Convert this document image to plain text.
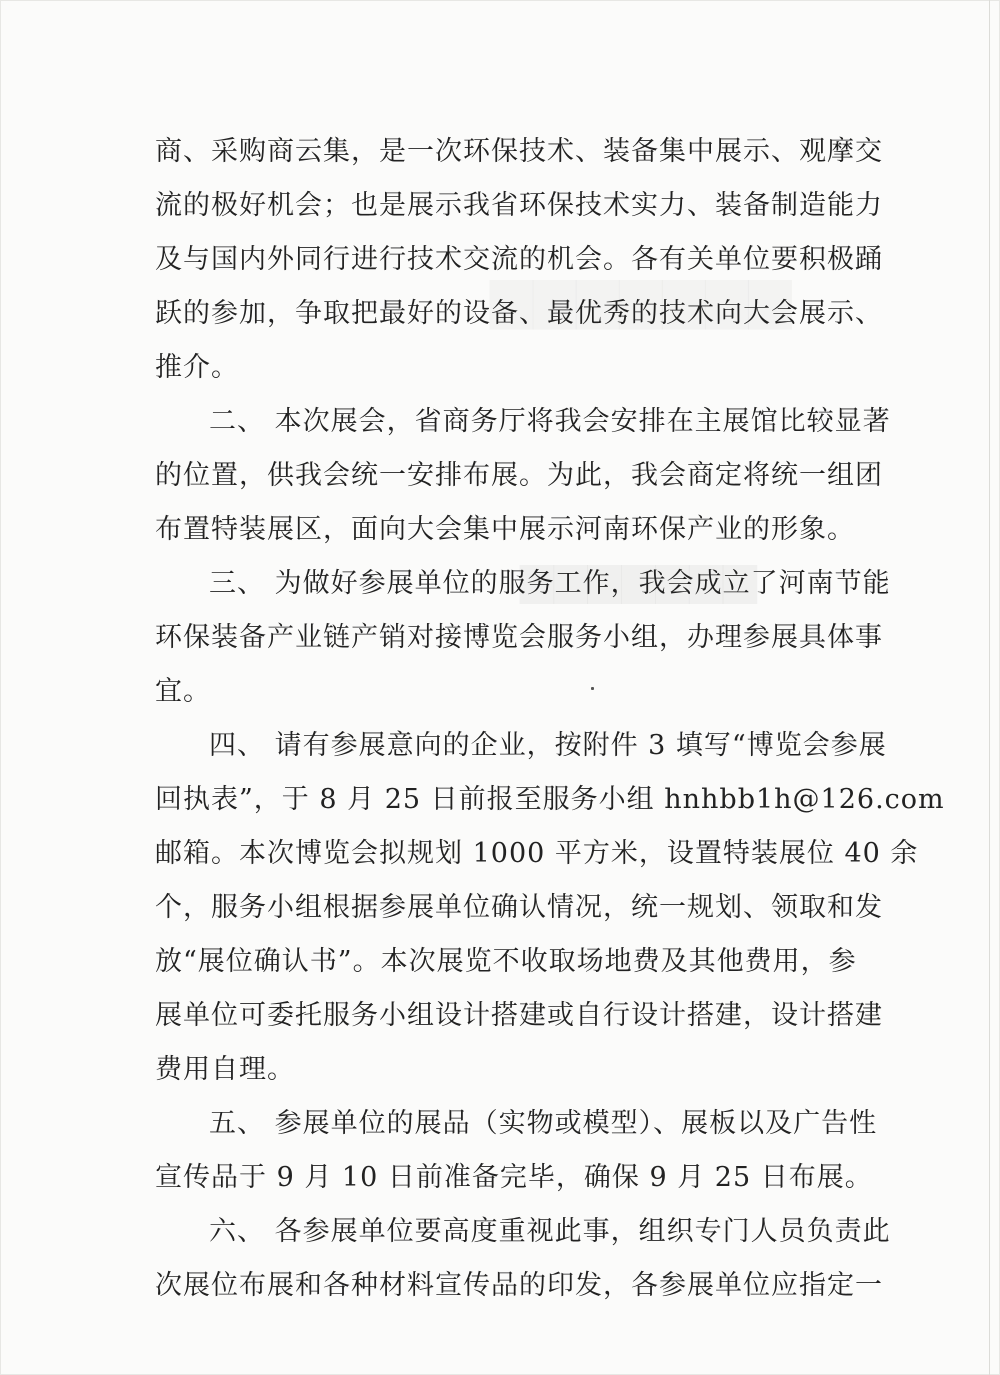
商、采购商云集，是一次环保技术、装备集中展示、观摩交
流的极好机会；也是展示我省环保技术实力、装备制造能力
及与国内外同行进行技术交流的机会。各有关单位要积极踊
跃的参加，争取把最好的设备、最优秀的技术向大会展示、
推介。
二、 本次展会，省商务厅将我会安排在主展馆比较显著
的位置，供我会统一安排布展。为此，我会商定将统一组团
布置特装展区，面向大会集中展示河南环保产业的形象。
三、 为做好参展单位的服务工作，我会成立了河南节能
环保装备产业链产销对接博览会服务小组，办理参展具体事
宜。
四、 请有参展意向的企业，按附件 3 填写“博览会参展
回执表”，于 8 月 25 日前报至服务小组 hnhbb1h@126.com
邮箱。本次博览会拟规划 1000 平方米，设置特装展位 40 余
个，服务小组根据参展单位确认情况，统一规划、领取和发
放“展位确认书”。本次展览不收取场地费及其他费用，参
展单位可委托服务小组设计搭建或自行设计搭建，设计搭建
费用自理。
五、 参展单位的展品（实物或模型）、展板以及广告性
宣传品于 9 月 10 日前准备完毕，确保 9 月 25 日布展。
六、 各参展单位要高度重视此事，组织专门人员负责此
次展位布展和各种材料宣传品的印发，各参展单位应指定一
